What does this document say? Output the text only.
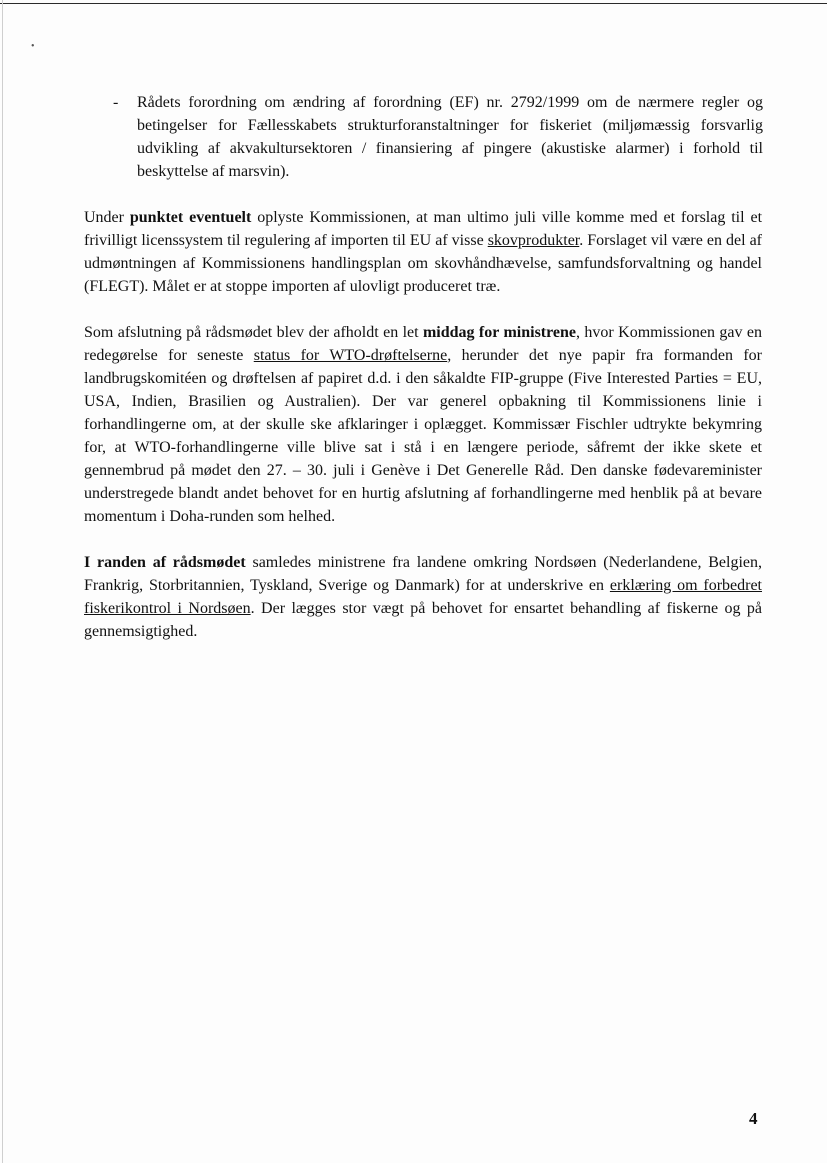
•
- Rådets forordning om ændring af forordning (EF) nr. 2792/1999 om de nærmere regler og betingelser for Fællesskabets strukturforanstaltninger for fiskeriet (miljømæssig forsvarlig udvikling af akvakultursektoren / finansiering af pingere (akustiske alarmer) i forhold til beskyttelse af marsvin).

Under punktet eventuelt oplyste Kommissionen, at man ultimo juli ville komme med et forslag til et frivilligt licenssystem til regulering af importen til EU af visse skovprodukter. Forslaget vil være en del af udmøntningen af Kommissionens handlingsplan om skovhåndhævelse, samfundsforvaltning og handel (FLEGT). Målet er at stoppe importen af ulovligt produceret træ.

Som afslutning på rådsmødet blev der afholdt en let middag for ministrene, hvor Kommissionen gav en redegørelse for seneste status for WTO-drøftelserne, herunder det nye papir fra formanden for landbrugskomitéen og drøftelsen af papiret d.d. i den såkaldte FIP-gruppe (Five Interested Parties = EU, USA, Indien, Brasilien og Australien). Der var generel opbakning til Kommissionens linie i forhandlingerne om, at der skulle ske afklaringer i oplægget. Kommissær Fischler udtrykte bekymring for, at WTO-forhandlingerne ville blive sat i stå i en længere periode, såfremt der ikke skete et gennembrud på mødet den 27. – 30. juli i Genève i Det Generelle Råd. Den danske fødevareminister understregede blandt andet behovet for en hurtig afslutning af forhandlingerne med henblik på at bevare momentum i Doha-runden som helhed.

I randen af rådsmødet samledes ministrene fra landene omkring Nordsøen (Nederlandene, Belgien, Frankrig, Storbritannien, Tyskland, Sverige og Danmark) for at underskrive en erklæring om forbedret fiskerikontrol i Nordsøen. Der lægges stor vægt på behovet for ensartet behandling af fiskerne og på gennemsigtighed.

4
